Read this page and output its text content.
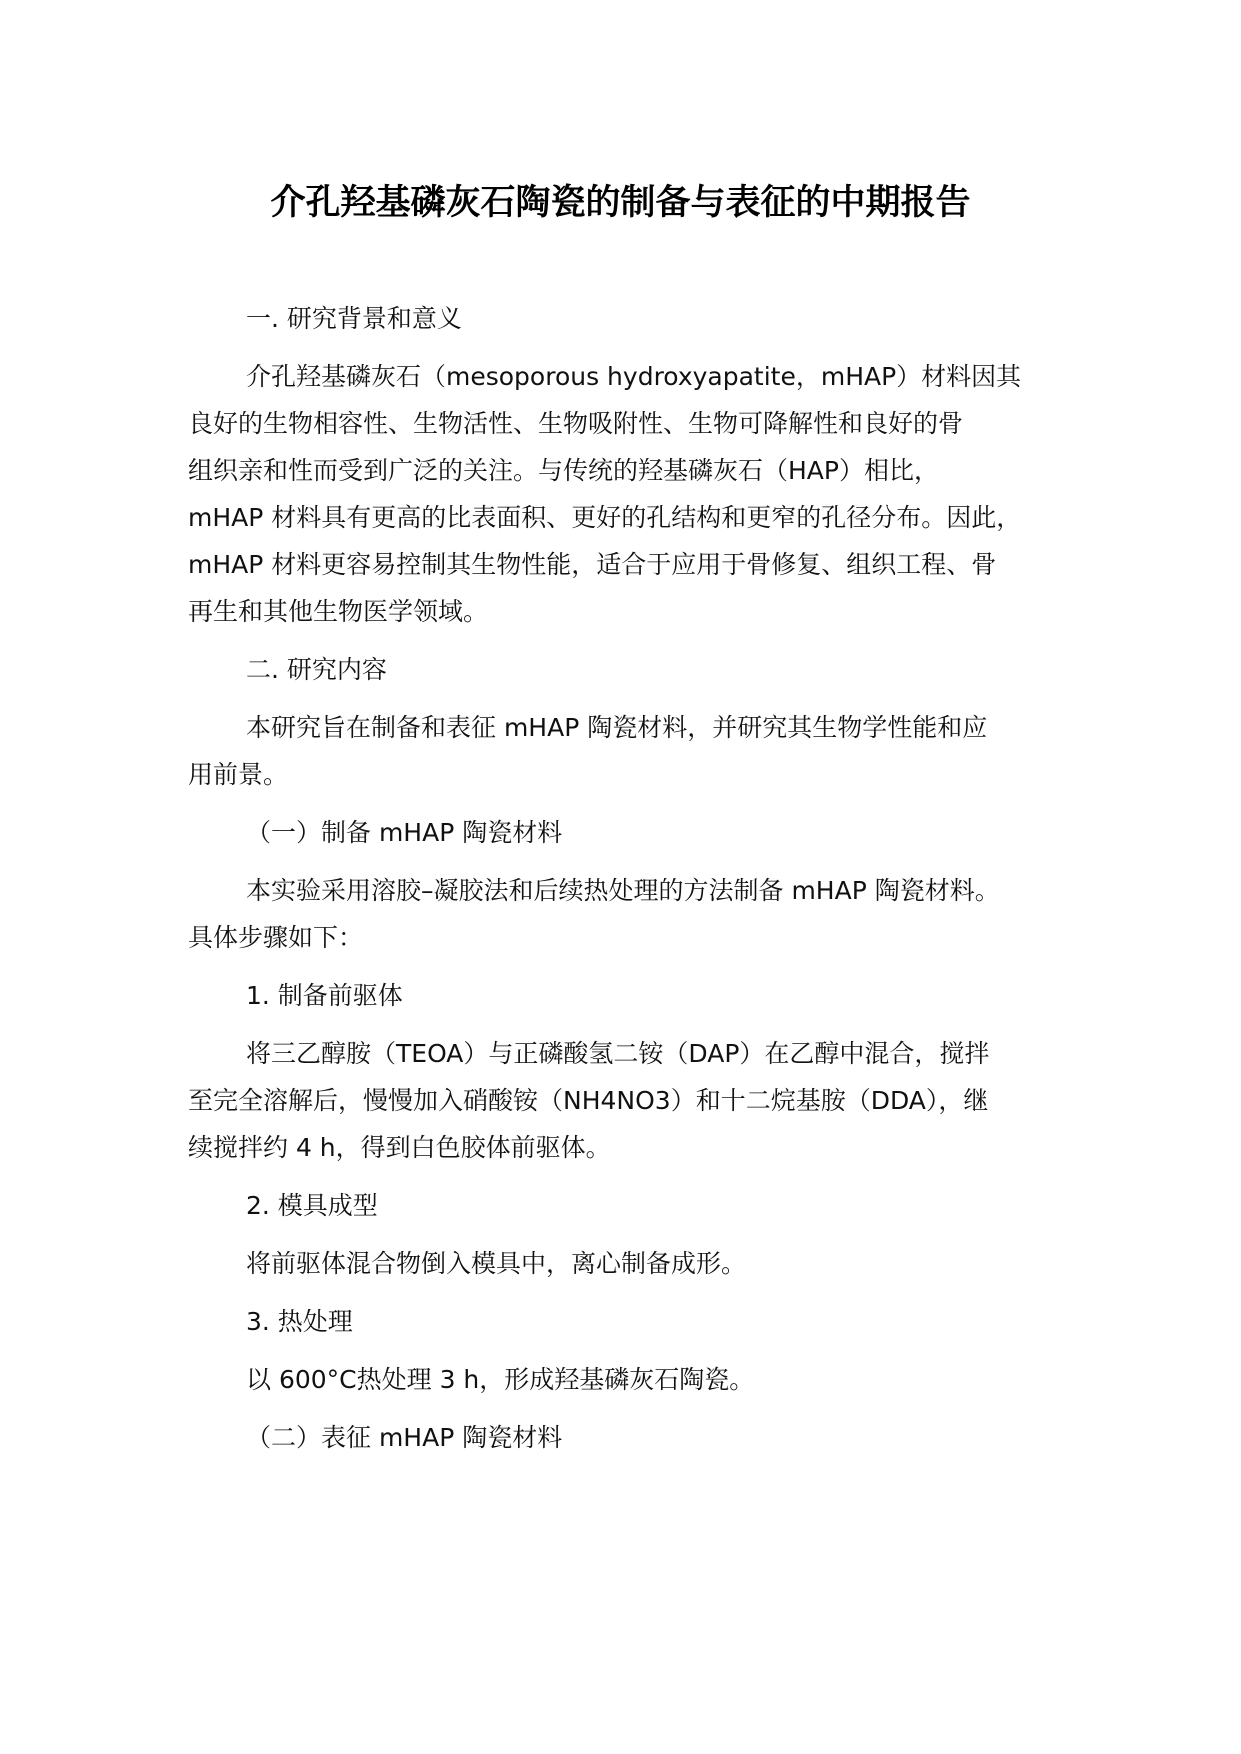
介孔羟基磷灰石陶瓷的制备与表征的中期报告
一. 研究背景和意义
介孔羟基磷灰石（mesoporous hydroxyapatite，mHAP）材料因其
良好的生物相容性、生物活性、生物吸附性、生物可降解性和良好的骨
组织亲和性而受到广泛的关注。与传统的羟基磷灰石（HAP）相比，
mHAP 材料具有更高的比表面积、更好的孔结构和更窄的孔径分布。因此，
mHAP 材料更容易控制其生物性能，适合于应用于骨修复、组织工程、骨
再生和其他生物医学领域。
二. 研究内容
本研究旨在制备和表征 mHAP 陶瓷材料，并研究其生物学性能和应
用前景。
（一）制备 mHAP 陶瓷材料
本实验采用溶胶–凝胶法和后续热处理的方法制备 mHAP 陶瓷材料。
具体步骤如下：
1. 制备前驱体
将三乙醇胺（TEOA）与正磷酸氢二铵（DAP）在乙醇中混合，搅拌
至完全溶解后，慢慢加入硝酸铵（NH4NO3）和十二烷基胺（DDA），继
续搅拌约 4 h，得到白色胶体前驱体。
2. 模具成型
将前驱体混合物倒入模具中，离心制备成形。
3. 热处理
以 600°C热处理 3 h，形成羟基磷灰石陶瓷。
（二）表征 mHAP 陶瓷材料
